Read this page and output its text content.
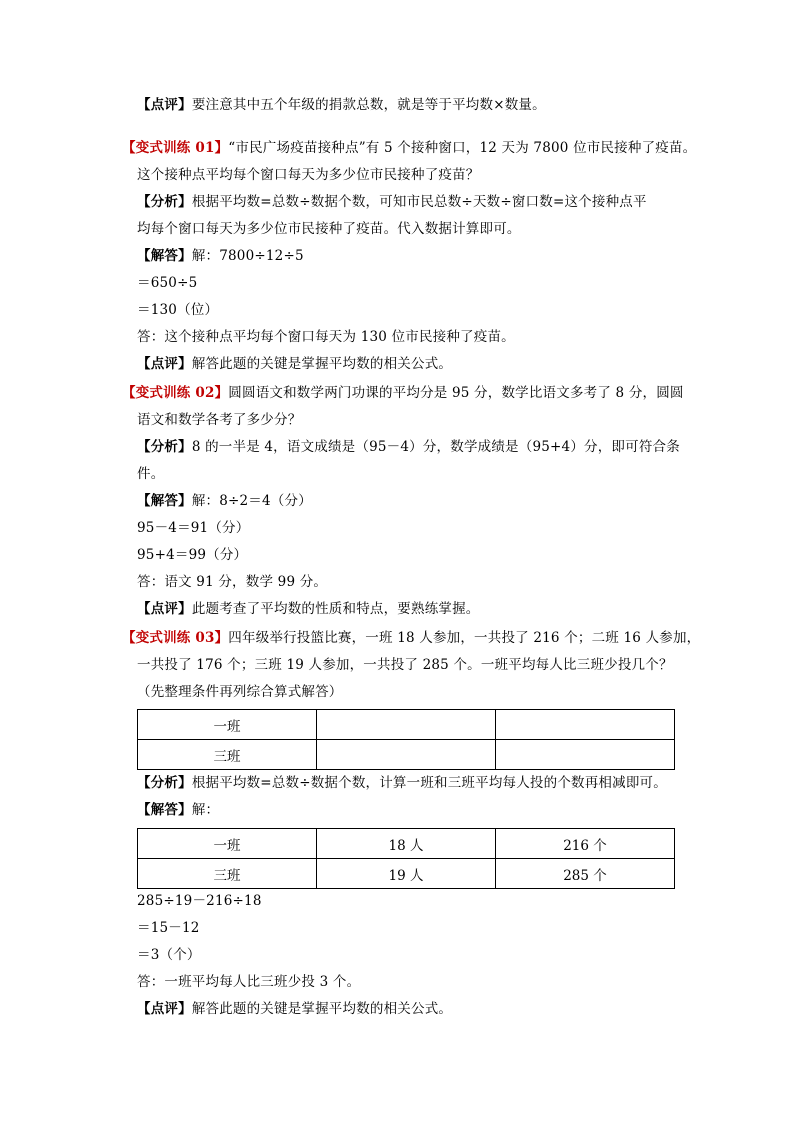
【点评】要注意其中五个年级的捐款总数，就是等于平均数×数量。
【变式训练 01】“市民广场疫苗接种点”有 5 个接种窗口，12 天为 7800 位市民接种了疫苗。
这个接种点平均每个窗口每天为多少位市民接种了疫苗？
【分析】根据平均数=总数÷数据个数，可知市民总数÷天数÷窗口数=这个接种点平
均每个窗口每天为多少位市民接种了疫苗。代入数据计算即可。
【解答】解：7800÷12÷5
＝650÷5
＝130（位）
答：这个接种点平均每个窗口每天为 130 位市民接种了疫苗。
【点评】解答此题的关键是掌握平均数的相关公式。
【变式训练 02】圆圆语文和数学两门功课的平均分是 95 分，数学比语文多考了 8 分，圆圆
语文和数学各考了多少分？
【分析】8 的一半是 4，语文成绩是（95－4）分，数学成绩是（95+4）分，即可符合条
件。
【解答】解：8÷2＝4（分）
95－4＝91（分）
95+4＝99（分）
答：语文 91 分，数学 99 分。
【点评】此题考查了平均数的性质和特点，要熟练掌握。
【变式训练 03】四年级举行投篮比赛，一班 18 人参加，一共投了 216 个；二班 16 人参加，
一共投了 176 个；三班 19 人参加，一共投了 285 个。一班平均每人比三班少投几个？
（先整理条件再列综合算式解答）
一班		
三班		
【分析】根据平均数=总数÷数据个数，计算一班和三班平均每人投的个数再相减即可。
【解答】解：
一班	18 人	216 个
三班	19 人	285 个
285÷19－216÷18
＝15－12
＝3（个）
答：一班平均每人比三班少投 3 个。
【点评】解答此题的关键是掌握平均数的相关公式。
